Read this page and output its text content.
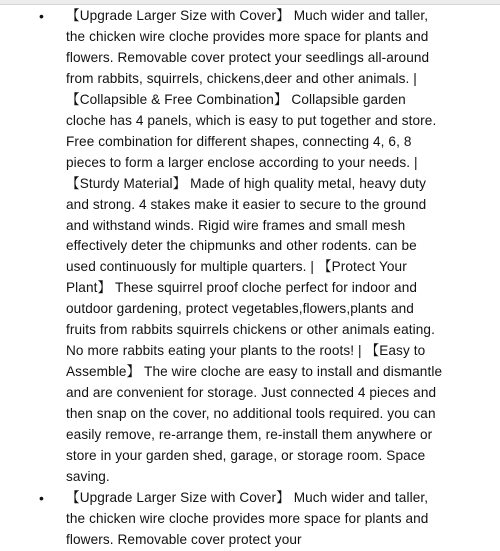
• 【Upgrade Larger Size with Cover】 Much wider and taller, the chicken wire cloche provides more space for plants and flowers. Removable cover protect your seedlings all-around from rabbits, squirrels, chickens,deer and other animals. | 【Collapsible & Free Combination】 Collapsible garden cloche has 4 panels, which is easy to put together and store. Free combination for different shapes, connecting 4, 6, 8 pieces to form a larger enclose according to your needs. | 【Sturdy Material】 Made of high quality metal, heavy duty and strong. 4 stakes make it easier to secure to the ground and withstand winds. Rigid wire frames and small mesh effectively deter the chipmunks and other rodents. can be used continuously for multiple quarters. | 【Protect Your Plant】 These squirrel proof cloche perfect for indoor and outdoor gardening, protect vegetables,flowers,plants and fruits from rabbits squirrels chickens or other animals eating. No more rabbits eating your plants to the roots! | 【Easy to Assemble】 The wire cloche are easy to install and dismantle and are convenient for storage. Just connected 4 pieces and then snap on the cover, no additional tools required. you can easily remove, re-arrange them, re-install them anywhere or store in your garden shed, garage, or storage room. Space saving.

• 【Upgrade Larger Size with Cover】 Much wider and taller, the chicken wire cloche provides more space for plants and flowers. Removable cover protect your
